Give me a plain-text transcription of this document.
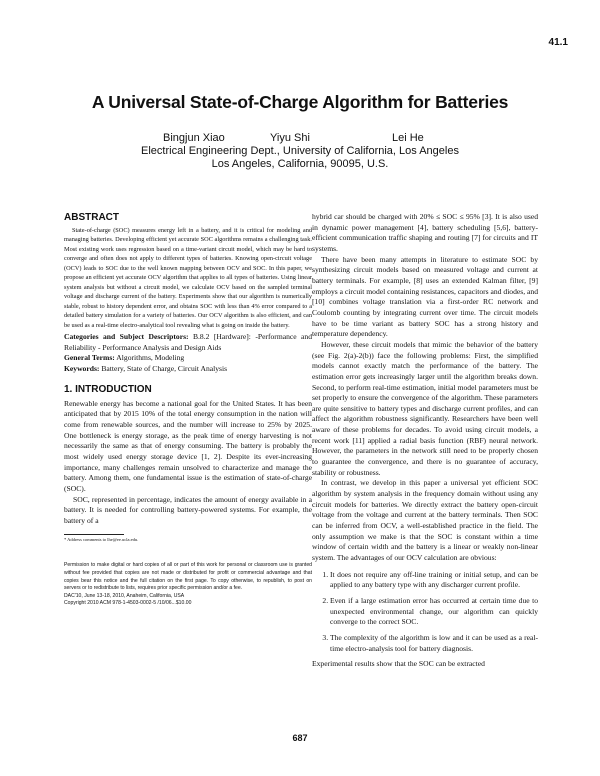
41.1
A Universal State-of-Charge Algorithm for Batteries
Bingjun Xiao	Yiyu Shi	Lei He
Electrical Engineering Dept., University of California, Los Angeles
Los Angeles, California, 90095, U.S.
ABSTRACT

State-of-charge (SOC) measures energy left in a battery, and it is critical for modeling and managing batteries. Developing efficient yet accurate SOC algorithms remains a challenging task. Most existing work uses regression based on a time-variant circuit model, which may be hard to converge and often does not apply to different types of batteries. Knowing open-circuit voltage (OCV) leads to SOC due to the well known mapping between OCV and SOC. In this paper, we propose an efficient yet accurate OCV algorithm that applies to all types of batteries. Using linear system analysis but without a circuit model, we calculate OCV based on the sampled terminal voltage and discharge current of the battery. Experiments show that our algorithm is numerically stable, robust to history dependent error, and obtains SOC with less than 4% error compared to a detailed battery simulation for a variety of batteries. Our OCV algorithm is also efficient, and can be used as a real-time electro-analytical tool revealing what is going on inside the battery.

Categories and Subject Descriptors: B.8.2 [Hardware]: -Performance and Reliability - Performance Analysis and Design Aids

General Terms: Algorithms, Modeling

Keywords: Battery, State of Charge, Circuit Analysis

1. INTRODUCTION

Renewable energy has become a national goal for the United States. It has been anticipated that by 2015 10% of the total energy consumption in the nation will come from renewable sources, and the number will increase to 25% by 2025. One bottleneck is energy storage, as the peak time of energy harvesting is not necessarily the same as that of energy consuming. The battery is probably the most widely used energy storage device [1, 2]. Despite its ever-increasing importance, many challenges remain unsolved to characterize and manage the battery. Among them, one fundamental issue is the estimation of state-of-charge (SOC).

SOC, represented in percentage, indicates the amount of energy available in a battery. It is needed for controlling battery-powered systems. For example, the battery of a

* Address comments to lhe@ee.ucla.edu.

Permission to make digital or hard copies of all or part of this work for personal or classroom use is granted without fee provided that copies are not made or distributed for profit or commercial advantage and that copies bear this notice and the full citation on the first page. To copy otherwise, to republish, to post on servers or to redistribute to lists, requires prior specific permission and/or a fee.

DAC'10, June 13-18, 2010, Anaheim, California, USA

Copyright 2010 ACM 978-1-4503-0002-5 /10/06...$10.00

hybrid car should be charged with 20% ≤ SOC ≤ 95% [3]. It is also used in dynamic power management [4], battery scheduling [5,6], battery-efficient communication traffic shaping and routing [7] for circuits and IT systems.

There have been many attempts in literature to estimate SOC by synthesizing circuit models based on measured voltage and current at battery terminals. For example, [8] uses an extended Kalman filter, [9] employs a circuit model containing resistances, capacitors and diodes, and [10] combines voltage translation via a first-order RC network and Coulomb counting by integrating current over time. The circuit models have to be time variant as battery SOC has a strong history and temperature dependency.

However, these circuit models that mimic the behavior of the battery (see Fig. 2(a)-2(b)) face the following problems: First, the simplified models cannot exactly match the performance of the battery. The estimation error gets increasingly larger until the algorithm breaks down. Second, to perform real-time estimation, initial model parameters must be set properly to ensure the convergence of the algorithm. These parameters are quite sensitive to battery types and discharge current profiles, and can affect the algorithm robustness significantly. Researchers have been well aware of these problems for decades. To avoid using circuit models, a recent work [11] applied a radial basis function (RBF) neural network. However, the parameters in the network still need to be properly chosen to guarantee the convergence, and there is no guarantee of accuracy, stability or robustness.

In contrast, we develop in this paper a universal yet efficient SOC algorithm by system analysis in the frequency domain without using any circuit models for batteries. We directly extract the battery open-circuit voltage from the voltage and current at the battery terminals. Then SOC can be inferred from OCV, a well-established practice in the field. The only assumption we make is that the SOC is constant within a time window of certain width and the battery is a linear or weakly non-linear system. The advantages of our OCV calculation are obvious:

1. It does not require any off-line training or initial setup, and can be applied to any battery type with any discharger current profile.
2. Even if a large estimation error has occurred at certain time due to unexpected environmental change, our algorithm can quickly converge to the correct SOC.
3. The complexity of the algorithm is low and it can be used as a real-time electro-analysis tool for battery diagnosis.

Experimental results show that the SOC can be extracted

687
